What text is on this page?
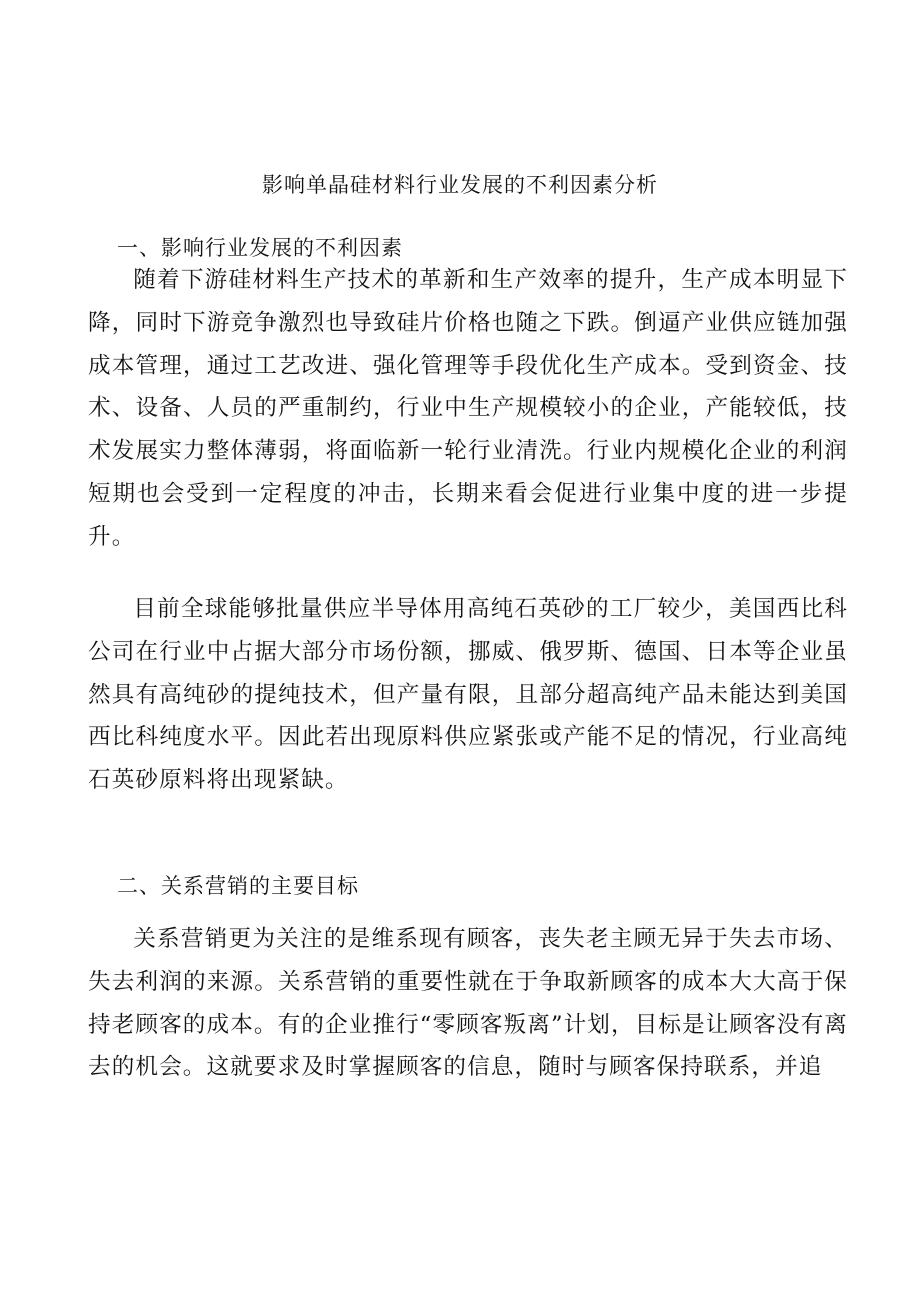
影响单晶硅材料行业发展的不利因素分析
一、影响行业发展的不利因素

随着下游硅材料生产技术的革新和生产效率的提升，生产成本明显下降，同时下游竞争激烈也导致硅片价格也随之下跌。倒逼产业供应链加强成本管理，通过工艺改进、强化管理等手段优化生产成本。受到资金、技术、设备、人员的严重制约，行业中生产规模较小的企业，产能较低，技术发展实力整体薄弱，将面临新一轮行业清洗。行业内规模化企业的利润短期也会受到一定程度的冲击，长期来看会促进行业集中度的进一步提升。

目前全球能够批量供应半导体用高纯石英砂的工厂较少，美国西比科公司在行业中占据大部分市场份额，挪威、俄罗斯、德国、日本等企业虽然具有高纯砂的提纯技术，但产量有限，且部分超高纯产品未能达到美国西比科纯度水平。因此若出现原料供应紧张或产能不足的情况，行业高纯石英砂原料将出现紧缺。

二、关系营销的主要目标

关系营销更为关注的是维系现有顾客，丧失老主顾无异于失去市场、失去利润的来源。关系营销的重要性就在于争取新顾客的成本大大高于保持老顾客的成本。有的企业推行“零顾客叛离”计划，目标是让顾客没有离去的机会。这就要求及时掌握顾客的信息，随时与顾客保持联系，并追
